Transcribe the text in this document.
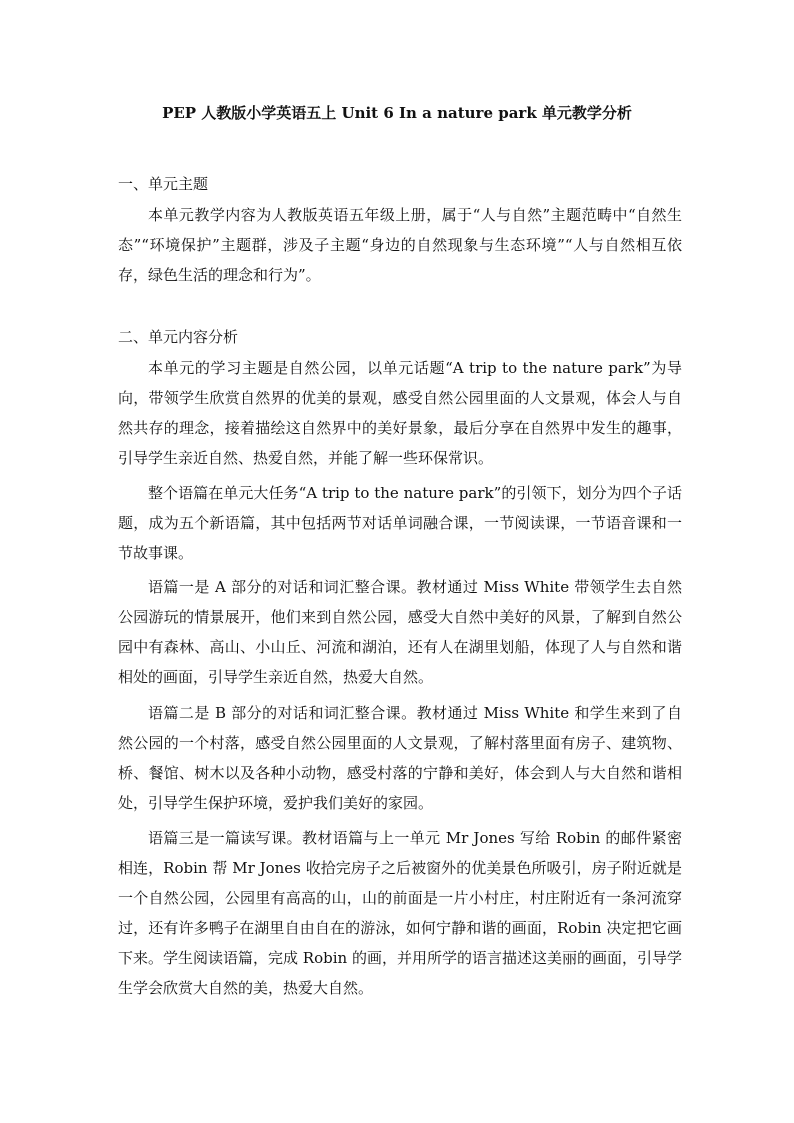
PEP 人教版小学英语五上 Unit 6 In a nature park 单元教学分析
一、单元主题
本单元教学内容为人教版英语五年级上册，属于“人与自然”主题范畴中“自然生态”“环境保护”主题群，涉及子主题“身边的自然现象与生态环境”“人与自然相互依存，绿色生活的理念和行为”。
二、单元内容分析
本单元的学习主题是自然公园，以单元话题“A trip to the nature park”为导向，带领学生欣赏自然界的优美的景观，感受自然公园里面的人文景观，体会人与自然共存的理念，接着描绘这自然界中的美好景象，最后分享在自然界中发生的趣事，引导学生亲近自然、热爱自然，并能了解一些环保常识。
整个语篇在单元大任务“A trip to the nature park”的引领下，划分为四个子话题，成为五个新语篇，其中包括两节对话单词融合课，一节阅读课，一节语音课和一节故事课。
语篇一是 A 部分的对话和词汇整合课。教材通过 Miss White 带领学生去自然公园游玩的情景展开，他们来到自然公园，感受大自然中美好的风景，了解到自然公园中有森林、高山、小山丘、河流和湖泊，还有人在湖里划船，体现了人与自然和谐相处的画面，引导学生亲近自然，热爱大自然。
语篇二是 B 部分的对话和词汇整合课。教材通过 Miss White 和学生来到了自然公园的一个村落，感受自然公园里面的人文景观，了解村落里面有房子、建筑物、桥、餐馆、树木以及各种小动物，感受村落的宁静和美好，体会到人与大自然和谐相处，引导学生保护环境，爱护我们美好的家园。
语篇三是一篇读写课。教材语篇与上一单元 Mr Jones 写给 Robin 的邮件紧密相连，Robin 帮 Mr Jones 收拾完房子之后被窗外的优美景色所吸引，房子附近就是一个自然公园，公园里有高高的山，山的前面是一片小村庄，村庄附近有一条河流穿过，还有许多鸭子在湖里自由自在的游泳，如何宁静和谐的画面，Robin 决定把它画下来。学生阅读语篇，完成 Robin 的画，并用所学的语言描述这美丽的画面，引导学生学会欣赏大自然的美，热爱大自然。
